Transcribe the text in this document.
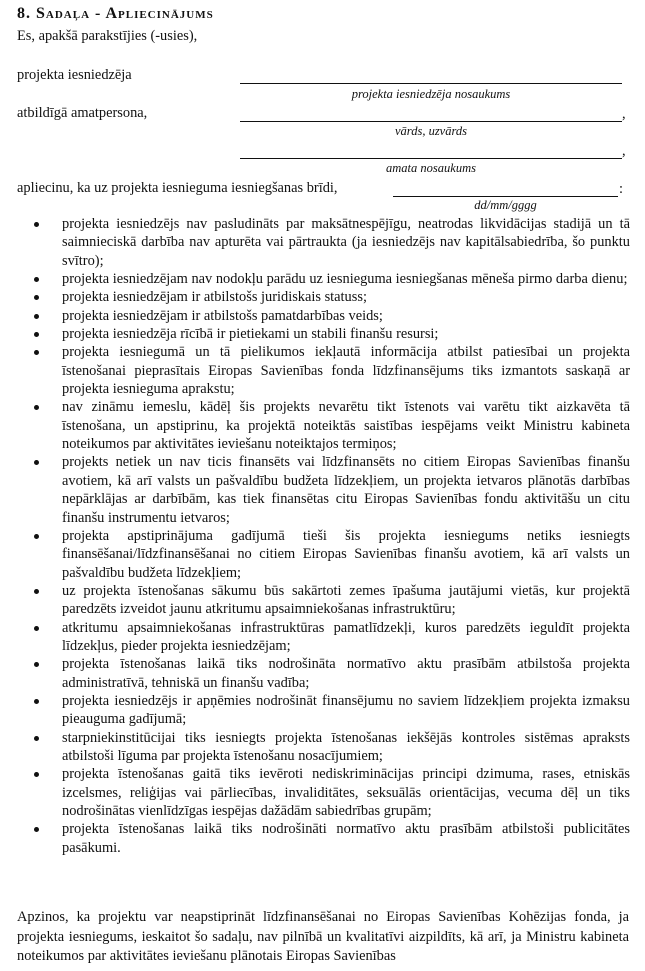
8. Sadaļa - Apliecinājums
Es, apakšā parakstījies (-usies),
projekta iesniedzēja
projekta iesniedzēja nosaukums
atbildīgā amatpersona,	,
vārds, uzvārds
,
amata nosaukums
apliecinu, ka uz projekta iesnieguma iesniegšanas brīdi,	:
dd/mm/gggg
projekta iesniedzējs nav pasludināts par maksātnespējīgu, neatrodas likvidācijas stadijā un tā saimnieciskā darbība nav apturēta vai pārtraukta (ja iesniedzējs nav kapitālsabiedrība, šo punktu svītro);
projekta iesniedzējam nav nodokļu parādu uz iesnieguma iesniegšanas mēneša pirmo darba dienu;
projekta iesniedzējam ir atbilstošs juridiskais statuss;
projekta iesniedzējam ir atbilstošs pamatdarbības veids;
projekta iesniedzēja rīcībā ir pietiekami un stabili finanšu resursi;
projekta iesniegumā un tā pielikumos iekļautā informācija atbilst patiesībai un projekta īstenošanai pieprasītais Eiropas Savienības fonda līdzfinansējums tiks izmantots saskaņā ar projekta iesnieguma aprakstu;
nav zināmu iemeslu, kādēļ šis projekts nevarētu tikt īstenots vai varētu tikt aizkavēta tā īstenošana, un apstiprinu, ka projektā noteiktās saistības iespējams veikt Ministru kabineta noteikumos par aktivitātes ieviešanu noteiktajos termiņos;
projekts netiek un nav ticis finansēts vai līdzfinansēts no citiem Eiropas Savienības finanšu avotiem, kā arī valsts un pašvaldību budžeta līdzekļiem, un projekta ietvaros plānotās darbības nepārklājas ar darbībām, kas tiek finansētas citu Eiropas Savienības fondu aktivitāšu un citu finanšu instrumentu ietvaros;
projekta apstiprinājuma gadījumā tieši šis projekta iesniegums netiks iesniegts finansēšanai/līdzfinansēšanai no citiem Eiropas Savienības finanšu avotiem, kā arī valsts un pašvaldību budžeta līdzekļiem;
uz projekta īstenošanas sākumu būs sakārtoti zemes īpašuma jautājumi vietās, kur projektā paredzēts izveidot jaunu atkritumu apsaimniekošanas infrastruktūru;
atkritumu apsaimniekošanas infrastruktūras pamatlīdzekļi, kuros paredzēts ieguldīt projekta līdzekļus, pieder projekta iesniedzējam;
projekta īstenošanas laikā tiks nodrošināta normatīvo aktu prasībām atbilstoša projekta administratīvā, tehniskā un finanšu vadība;
projekta iesniedzējs ir apņēmies nodrošināt finansējumu no saviem līdzekļiem projekta izmaksu pieauguma gadījumā;
starpniekinstitūcijai tiks iesniegts projekta īstenošanas iekšējās kontroles sistēmas apraksts atbilstoši līguma par projekta īstenošanu nosacījumiem;
projekta īstenošanas gaitā tiks ievēroti nediskriminācijas principi dzimuma, rases, etniskās izcelsmes, reliģijas vai pārliecības, invaliditātes, seksuālās orientācijas, vecuma dēļ un tiks nodrošinātas vienlīdzīgas iespējas dažādām sabiedrības grupām;
projekta īstenošanas laikā tiks nodrošināti normatīvo aktu prasībām atbilstoši publicitātes pasākumi.
Apzinos, ka projektu var neapstiprināt līdzfinansēšanai no Eiropas Savienības Kohēzijas fonda, ja projekta iesniegums, ieskaitot šo sadaļu, nav pilnībā un kvalitatīvi aizpildīts, kā arī, ja Ministru kabineta noteikumos par aktivitātes ieviešanu plānotais Eiropas Savienības
